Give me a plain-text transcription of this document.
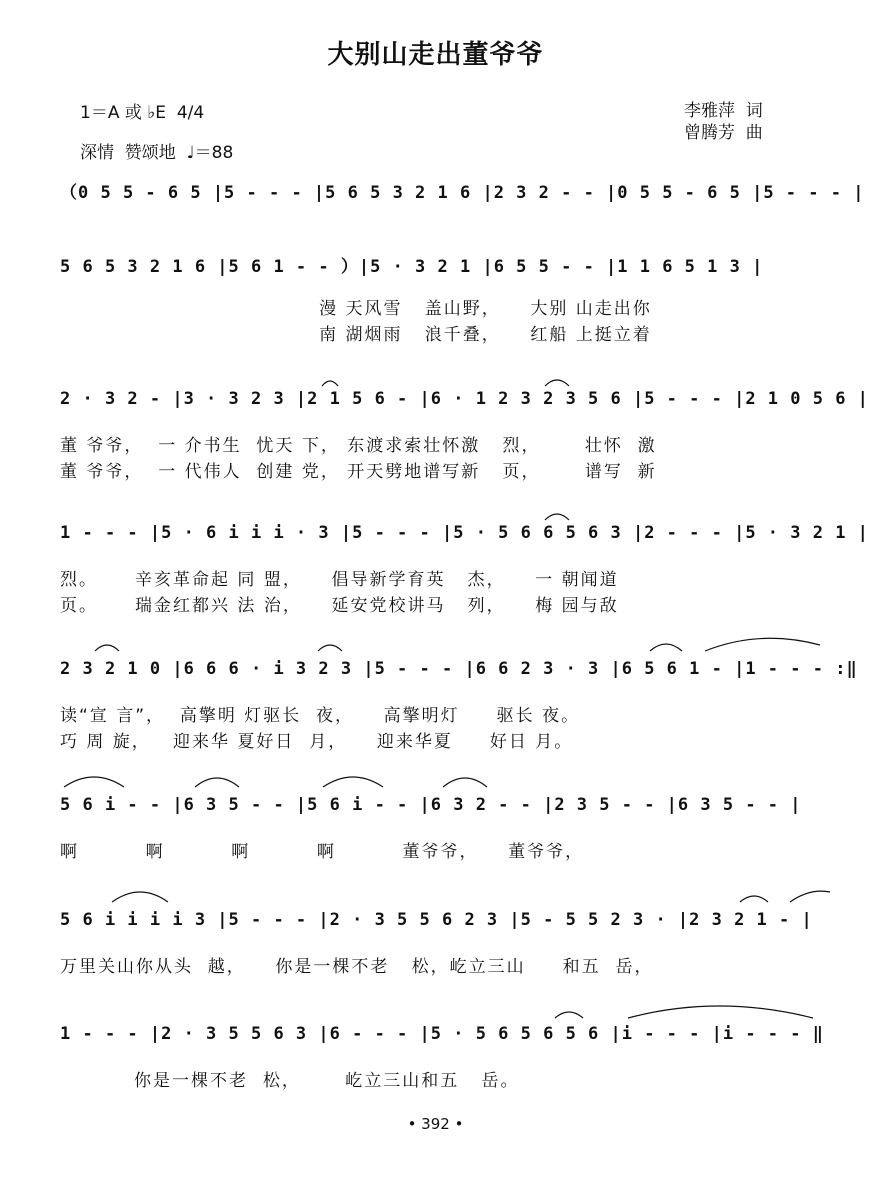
大别山走出董爷爷
1＝A 或 ♭E  4/4
深情  赞颂地  ♩＝88
李雅萍  词
曾腾芳  曲
（0 5 5 - 6 5 |5 - - - |5 6 5 3 2 1 6 |2 3 2 - - |0 5 5 - 6 5 |5 - - - |
5 6 5 3 2 1 6 |5 6 1 - - ）|5 · 3 2 1 |6 5 5 - - |1 1 6 5 1 3 |
漫 天风雪   盖山野，    大别 山走出你
南 湖烟雨   浪千叠，    红船 上挺立着
2 · 3 2 - |3 · 3 2 3 |2 1 5 6 - |6 · 1 2 3 2 3 5 6 |5 - - - |2 1 0 5 6 |
董 爷爷，  一 介书生  忧天 下， 东渡求索壮怀激   烈，      壮怀  激
董 爷爷，  一 代伟人  创建 党， 开天劈地谱写新   页，      谱写  新
1 - - - |5 · 6 i i i · 3 |5 - - - |5 · 5 6 6 5 6 3 |2 - - - |5 · 3 2 1 |
烈。     辛亥革命起 同 盟，    倡导新学育英   杰，    一 朝闻道
页。     瑞金红都兴 法 治，    延安党校讲马   列，    梅 园与敌
2 3 2 1 0 |6 6 6 · i 3 2 3 |5 - - - |6 6 2 3 · 3 |6 5 6 1 - |1 - - - :‖
读“宣 言”，  高擎明 灯驱长  夜，    高擎明灯     驱长 夜。
巧 周 旋，   迎来华 夏好日  月，    迎来华夏     好日 月。
5 6 i - - |6 3 5 - - |5 6 i - - |6 3 2 - - |2 3 5 - - |6 3 5 - - |
啊         啊         啊         啊         董爷爷，    董爷爷，
5 6 i i i i 3 |5 - - - |2 · 3 5 5 6 2 3 |5 - 5 5 2 3 · |2 3 2 1 - |
万里关山你从头  越，    你是一棵不老   松，屹立三山     和五  岳，
1 - - - |2 · 3 5 5 6 3 |6 - - - |5 · 5 6 5 6 5 6 |i - - - |i - - - ‖
你是一棵不老  松，      屹立三山和五   岳。
• 392 •
